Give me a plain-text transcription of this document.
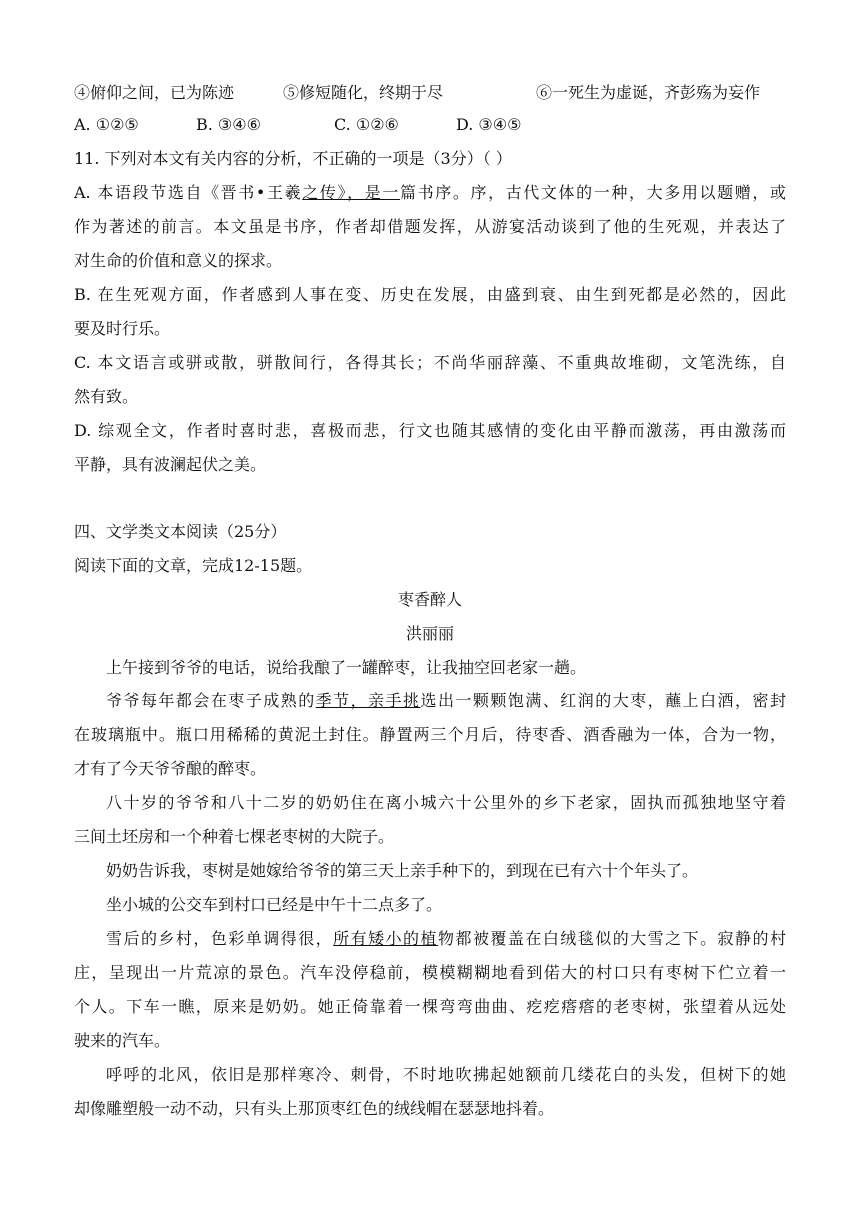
④俯仰之间，已为陈迹	⑤修短随化，终期于尽	⑥一死生为虚诞，齐彭殇为妄作
A. ①②⑤	B. ③④⑥	C. ①②⑥	D. ③④⑤
11. 下列对本文有关内容的分析，不正确的一项是（3分）（ ）
A. 本语段节选自《晋书•王羲之传》，是一篇书序。序，古代文体的一种，大多用以题赠，或
作为著述的前言。本文虽是书序，作者却借题发挥，从游宴活动谈到了他的生死观，并表达了
对生命的价值和意义的探求。
B. 在生死观方面，作者感到人事在变、历史在发展，由盛到衰、由生到死都是必然的，因此
要及时行乐。
C. 本文语言或骈或散，骈散间行，各得其长；不尚华丽辞藻、不重典故堆砌，文笔洗练，自
然有致。
D. 综观全文，作者时喜时悲，喜极而悲，行文也随其感情的变化由平静而激荡，再由激荡而
平静，具有波澜起伏之美。
四、文学类文本阅读（25分）
阅读下面的文章，完成12-15题。
枣香醉人
洪丽丽
上午接到爷爷的电话，说给我酿了一罐醉枣，让我抽空回老家一趟。
爷爷每年都会在枣子成熟的季节，亲手挑选出一颗颗饱满、红润的大枣，蘸上白酒，密封
在玻璃瓶中。瓶口用稀稀的黄泥土封住。静置两三个月后，待枣香、酒香融为一体，合为一物，
才有了今天爷爷酿的醉枣。
八十岁的爷爷和八十二岁的奶奶住在离小城六十公里外的乡下老家，固执而孤独地坚守着
三间土坯房和一个种着七棵老枣树的大院子。
奶奶告诉我，枣树是她嫁给爷爷的第三天上亲手种下的，到现在已有六十个年头了。
坐小城的公交车到村口已经是中午十二点多了。
雪后的乡村，色彩单调得很，所有矮小的植物都被覆盖在白绒毯似的大雪之下。寂静的村
庄，呈现出一片荒凉的景色。汽车没停稳前，模模糊糊地看到偌大的村口只有枣树下伫立着一
个人。下车一瞧，原来是奶奶。她正倚靠着一棵弯弯曲曲、疙疙瘩瘩的老枣树，张望着从远处
驶来的汽车。
呼呼的北风，依旧是那样寒冷、刺骨，不时地吹拂起她额前几缕花白的头发，但树下的她
却像雕塑般一动不动，只有头上那顶枣红色的绒线帽在瑟瑟地抖着。
